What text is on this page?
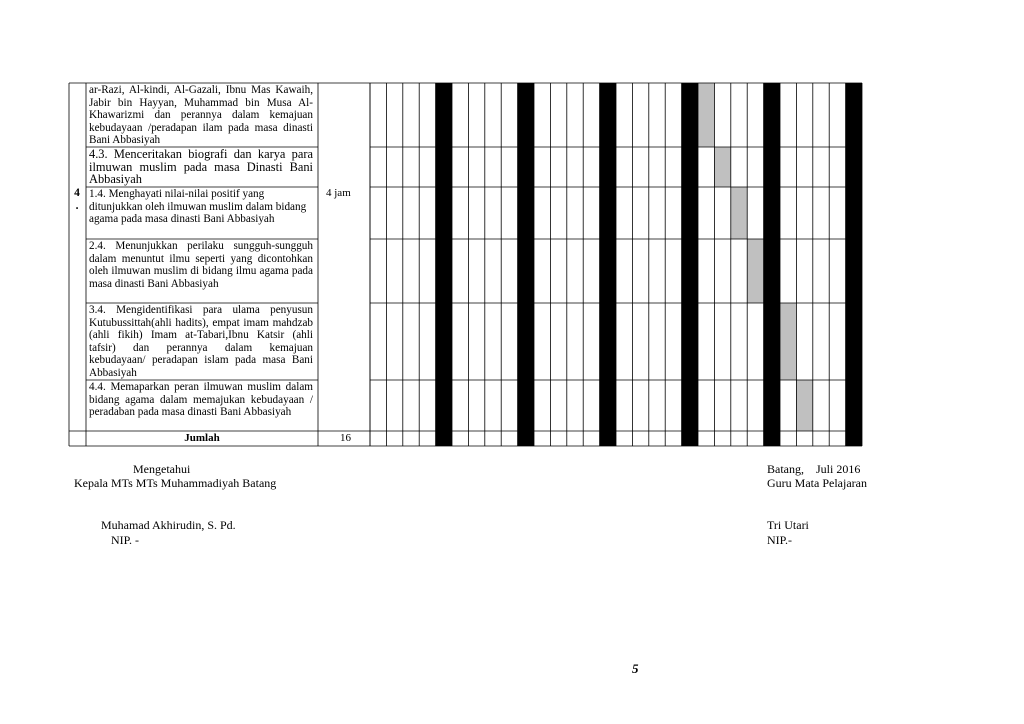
4
.
ar-Razi, Al-kindi, Al-Gazali, Ibnu Mas Kawaih, Jabir bin Hayyan, Muhammad bin Musa Al-Khawarizmi dan perannya dalam kemajuan kebudayaan /peradapan ilam pada masa dinasti Bani Abbasiyah
4.3. Menceritakan biografi dan karya para ilmuwan muslim pada masa Dinasti Bani Abbasiyah
1.4. Menghayati nilai-nilai positif yang ditunjukkan oleh ilmuwan muslim dalam bidang agama pada masa dinasti Bani Abbasiyah
2.4. Menunjukkan perilaku sungguh-sungguh dalam menuntut ilmu seperti yang dicontohkan oleh ilmuwan muslim di bidang ilmu agama pada masa dinasti Bani Abbasiyah
3.4. Mengidentifikasi para ulama penyusun Kutubussittah(ahli hadits), empat imam mahdzab (ahli fikih) Imam at-Tabari,Ibnu Katsir (ahli tafsir) dan perannya dalam kemajuan kebudayaan/ peradapan islam pada masa Bani Abbasiyah
4.4. Memaparkan peran ilmuwan muslim dalam bidang agama dalam memajukan kebudayaan / peradaban pada masa dinasti Bani Abbasiyah
4 jam
Jumlah	16
Mengetahui
Kepala MTs MTs Muhammadiyah Batang
Muhamad Akhirudin, S. Pd.
NIP. -
Batang,    Juli 2016
Guru Mata Pelajaran
Tri Utari
NIP.-
5
